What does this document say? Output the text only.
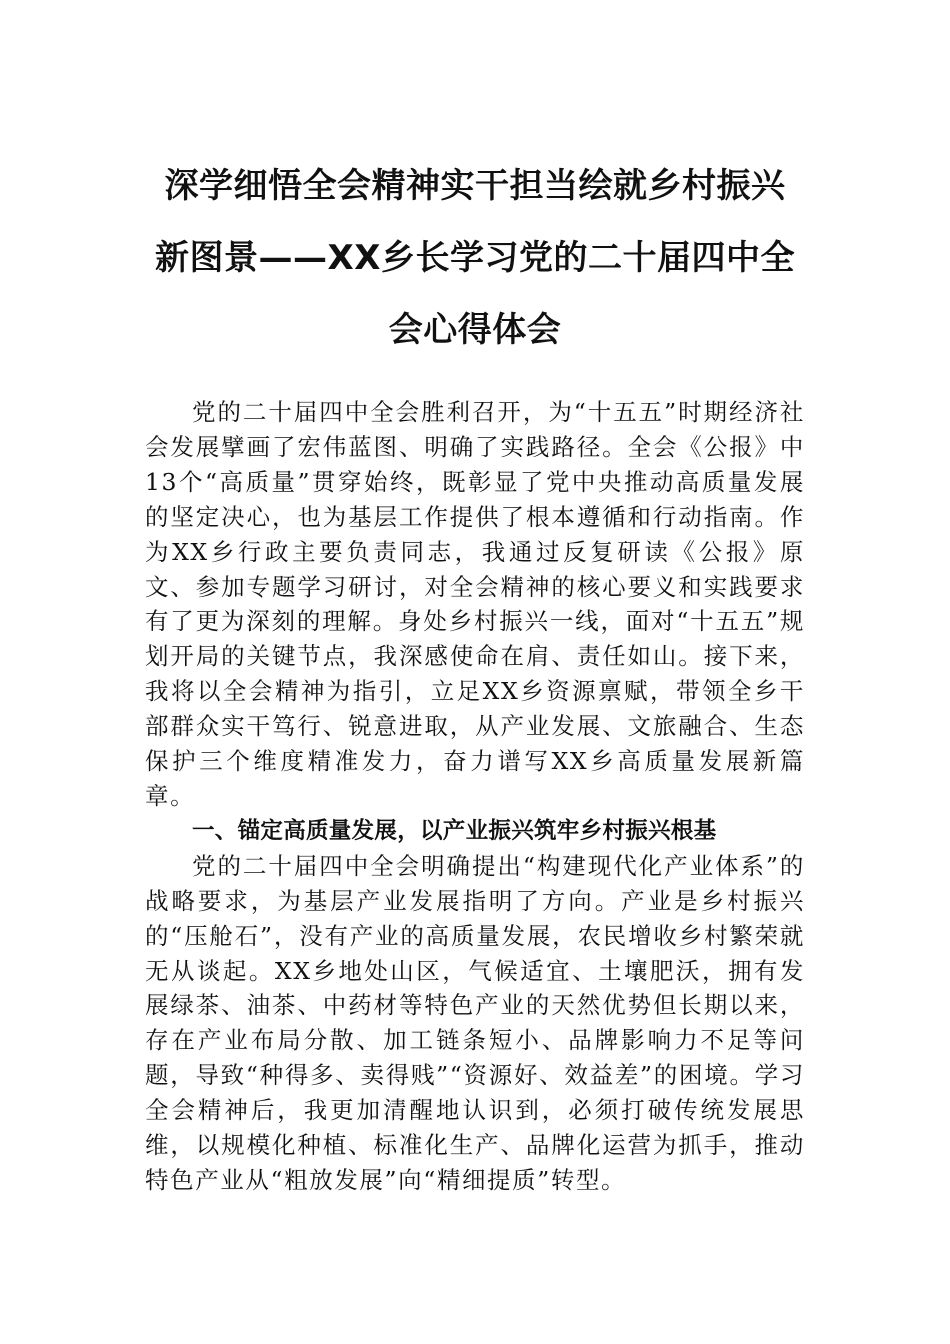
深学细悟全会精神实干担当绘就乡村振兴
新图景——XX乡长学习党的二十届四中全
会心得体会

党的二十届四中全会胜利召开，为“十五五”时期经济社会发展擘画了宏伟蓝图、明确了实践路径。全会《公报》中13个“高质量”贯穿始终，既彰显了党中央推动高质量发展的坚定决心，也为基层工作提供了根本遵循和行动指南。作为XX乡行政主要负责同志，我通过反复研读《公报》原文、参加专题学习研讨，对全会精神的核心要义和实践要求有了更为深刻的理解。身处乡村振兴一线，面对“十五五”规划开局的关键节点，我深感使命在肩、责任如山。接下来，我将以全会精神为指引，立足XX乡资源禀赋，带领全乡干部群众实干笃行、锐意进取，从产业发展、文旅融合、生态保护三个维度精准发力，奋力谱写XX乡高质量发展新篇章。

一、锚定高质量发展，以产业振兴筑牢乡村振兴根基

党的二十届四中全会明确提出“构建现代化产业体系”的战略要求，为基层产业发展指明了方向。产业是乡村振兴的“压舱石”，没有产业的高质量发展，农民增收乡村繁荣就无从谈起。XX乡地处山区，气候适宜、土壤肥沃，拥有发展绿茶、油茶、中药材等特色产业的天然优势但长期以来，存在产业布局分散、加工链条短小、品牌影响力不足等问题，导致“种得多、卖得贱”“资源好、效益差”的困境。学习全会精神后，我更加清醒地认识到，必须打破传统发展思维，以规模化种植、标准化生产、品牌化运营为抓手，推动特色产业从“粗放发展”向“精细提质”转型。
